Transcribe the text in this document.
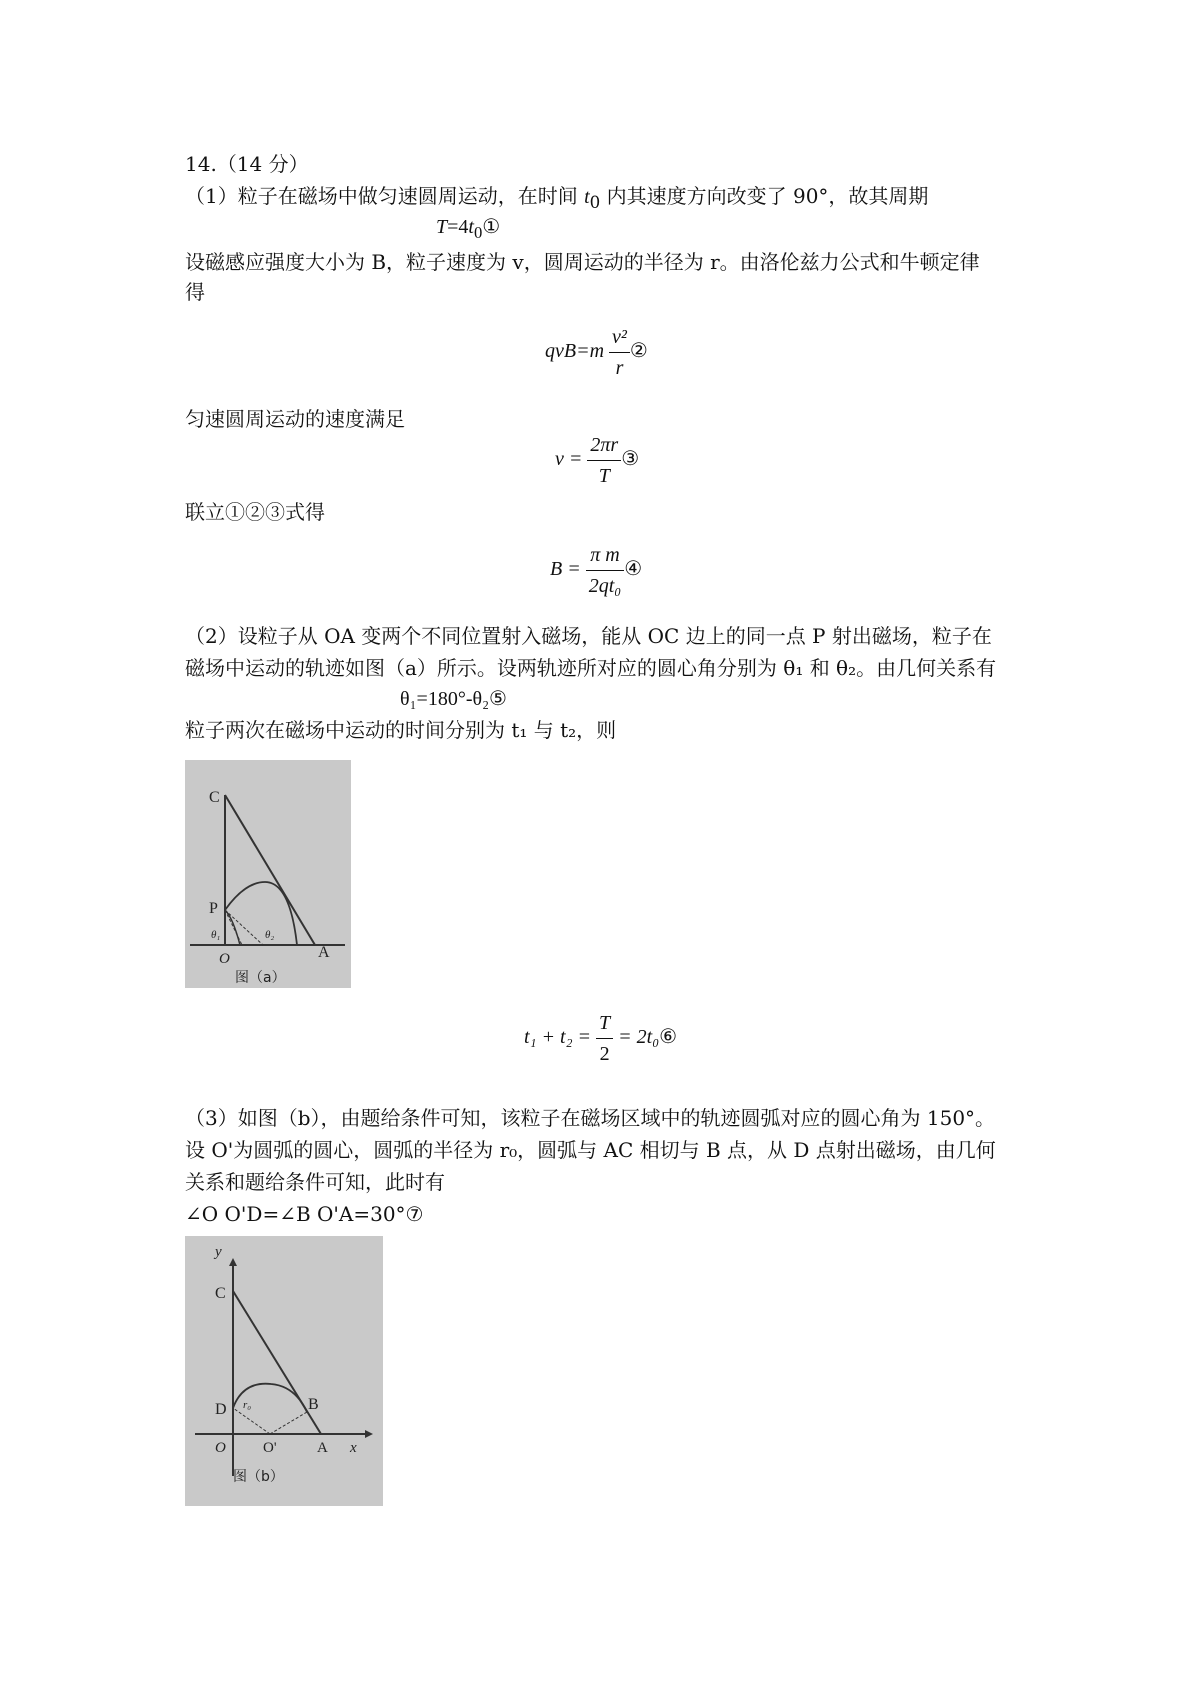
14.（14 分）
（1）粒子在磁场中做匀速圆周运动，在时间 $t_0$ 内其速度方向改变了 90°，故其周期
$T=4t_0①$
设磁感应强度大小为 B，粒子速度为 v，圆周运动的半径为 r。由洛伦兹力公式和牛顿定律
得
$qvB=m \frac{\text{v²}}{r}$ ②
匀速圆周运动的速度满足
$v = \frac{2\pi r}{T}$ ③
联立①②③式得
$B = \frac{\text{π m}}{\text{2qt₀}}$ ④
（2）设粒子从 OA 变两个不同位置射入磁场，能从 OC 边上的同一点 P 射出磁场，粒子在
磁场中运动的轨迹如图（a）所示。设两轨迹所对应的圆心角分别为 θ₁ 和 θ₂。由几何关系有
θ₁=180°-θ₂⑤
粒子两次在磁场中运动的时间分别为 t₁ 与 t₂，则
C
P
O	A
θ₁	θ₂
图（a）
$t_1 + t_2 = \frac{T}{2}$ = 2t₀⑥
（3）如图（b），由题给条件可知，该粒子在磁场区域中的轨迹圆弧对应的圆心角为 150°。
设 O'为圆弧的圆心，圆弧的半径为 r₀，圆弧与 AC 相切与 B 点，从 D 点射出磁场，由几何
关系和题给条件可知，此时有
∠O O'D=∠B O'A=30°⑦
y
C
D	B
r₀
O O'	A x
图（b）
